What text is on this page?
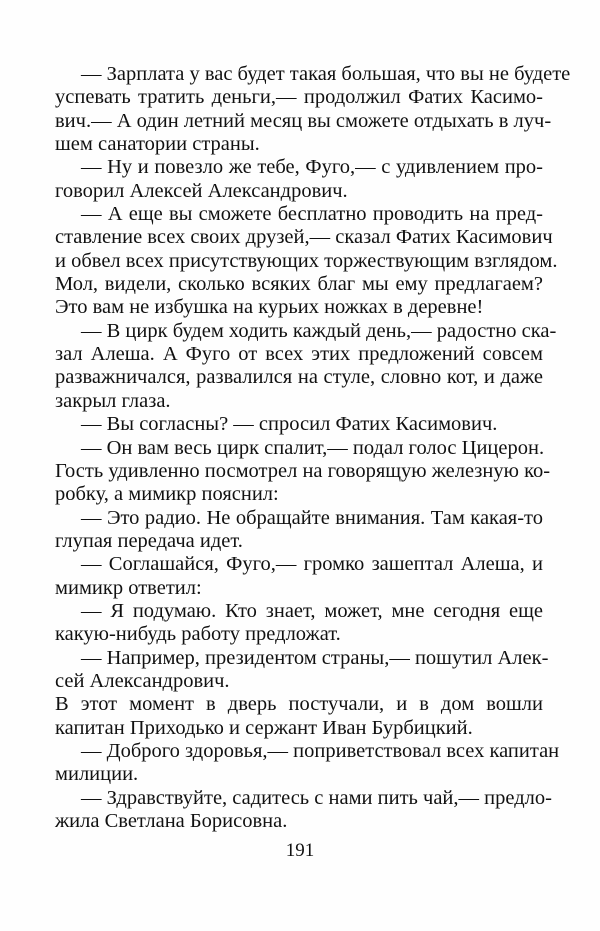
— Зарплата у вас будет такая большая, что вы не будете
успевать тратить деньги,— продолжил Фатих Касимо-
вич.— А один летний месяц вы сможете отдыхать в луч-
шем санатории страны.
— Ну и повезло же тебе, Фуго,— с удивлением про-
говорил Алексей Александрович.
— А еще вы сможете бесплатно проводить на пред-
ставление всех своих друзей,— сказал Фатих Касимович
и обвел всех присутствующих торжествующим взглядом.
Мол, видели, сколько всяких благ мы ему предлагаем?
Это вам не избушка на курьих ножках в деревне!
— В цирк будем ходить каждый день,— радостно ска-
зал Алеша. А Фуго от всех этих предложений совсем
разважничался, развалился на стуле, словно кот, и даже
закрыл глаза.
— Вы согласны? — спросил Фатих Касимович.
— Он вам весь цирк спалит,— подал голос Цицерон.
Гость удивленно посмотрел на говорящую железную ко-
робку, а мимикр пояснил:
— Это радио. Не обращайте внимания. Там какая-то
глупая передача идет.
— Соглашайся, Фуго,— громко зашептал Алеша, и
мимикр ответил:
— Я подумаю. Кто знает, может, мне сегодня еще
какую-нибудь работу предложат.
— Например, президентом страны,— пошутил Алек-
сей Александрович.
В этот момент в дверь постучали, и в дом вошли
капитан Приходько и сержант Иван Бурбицкий.
— Доброго здоровья,— поприветствовал всех капитан
милиции.
— Здравствуйте, садитесь с нами пить чай,— предло-
жила Светлана Борисовна.
191
